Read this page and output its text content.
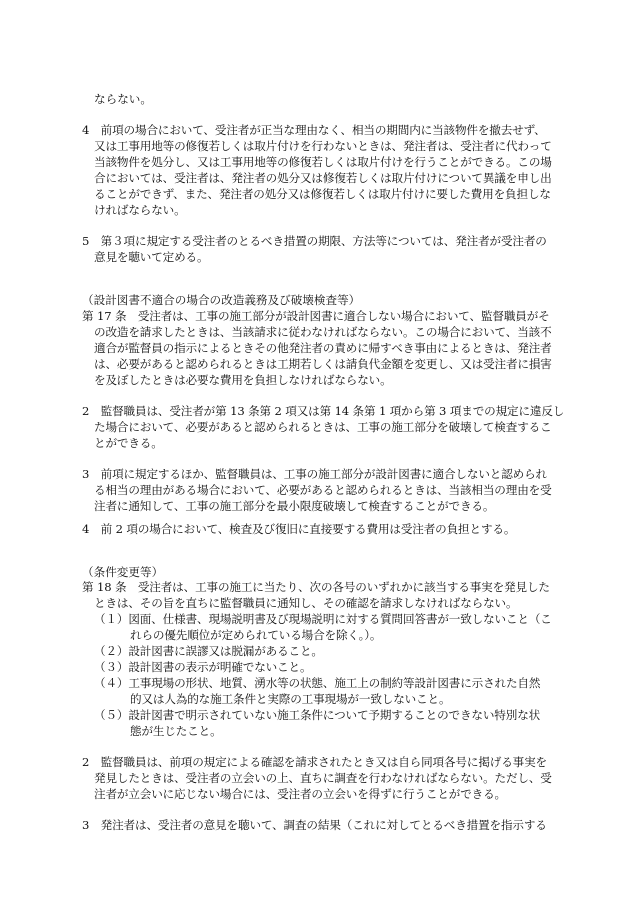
ならない。
4　前項の場合において、受注者が正当な理由なく、相当の期間内に当該物件を撤去せず、
又は工事用地等の修復若しくは取片付けを行わないときは、発注者は、受注者に代わって
当該物件を処分し、又は工事用地等の修復若しくは取片付けを行うことができる。この場
合においては、受注者は、発注者の処分又は修復若しくは取片付けについて異議を申し出
ることができず、また、発注者の処分又は修復若しくは取片付けに要した費用を負担しな
ければならない。
5　第３項に規定する受注者のとるべき措置の期限、方法等については、発注者が受注者の
意見を聴いて定める。
（設計図書不適合の場合の改造義務及び破壊検査等）
第 17 条　受注者は、工事の施工部分が設計図書に適合しない場合において、監督職員がそ
の改造を請求したときは、当該請求に従わなければならない。この場合において、当該不
適合が監督員の指示によるときその他発注者の責めに帰すべき事由によるときは、発注者
は、必要があると認められるときは工期若しくは請負代金額を変更し、又は受注者に損害
を及ぼしたときは必要な費用を負担しなければならない。
2　監督職員は、受注者が第 13 条第 2 項又は第 14 条第 1 項から第 3 項までの規定に違反し
た場合において、必要があると認められるときは、工事の施工部分を破壊して検査するこ
とができる。
3　前項に規定するほか、監督職員は、工事の施工部分が設計図書に適合しないと認められ
る相当の理由がある場合において、必要があると認められるときは、当該相当の理由を受
注者に通知して、工事の施工部分を最小限度破壊して検査することができる。
4　前 2 項の場合において、検査及び復旧に直接要する費用は受注者の負担とする。
（条件変更等）
第 18 条　受注者は、工事の施工に当たり、次の各号のいずれかに該当する事実を発見した
ときは、その旨を直ちに監督職員に通知し、その確認を請求しなければならない。
（１）図面、仕様書、現場説明書及び現場説明に対する質問回答書が一致しないこと（こ
れらの優先順位が定められている場合を除く。）。
（２）設計図書に誤謬又は脱漏があること。
（３）設計図書の表示が明確でないこと。
（４）工事現場の形状、地質、湧水等の状態、施工上の制約等設計図書に示された自然
的又は人為的な施工条件と実際の工事現場が一致しないこと。
（５）設計図書で明示されていない施工条件について予期することのできない特別な状
態が生じたこと。
2　監督職員は、前項の規定による確認を請求されたとき又は自ら同項各号に掲げる事実を
発見したときは、受注者の立会いの上、直ちに調査を行わなければならない。ただし、受
注者が立会いに応じない場合には、受注者の立会いを得ずに行うことができる。
3　発注者は、受注者の意見を聴いて、調査の結果（これに対してとるべき措置を指示する
